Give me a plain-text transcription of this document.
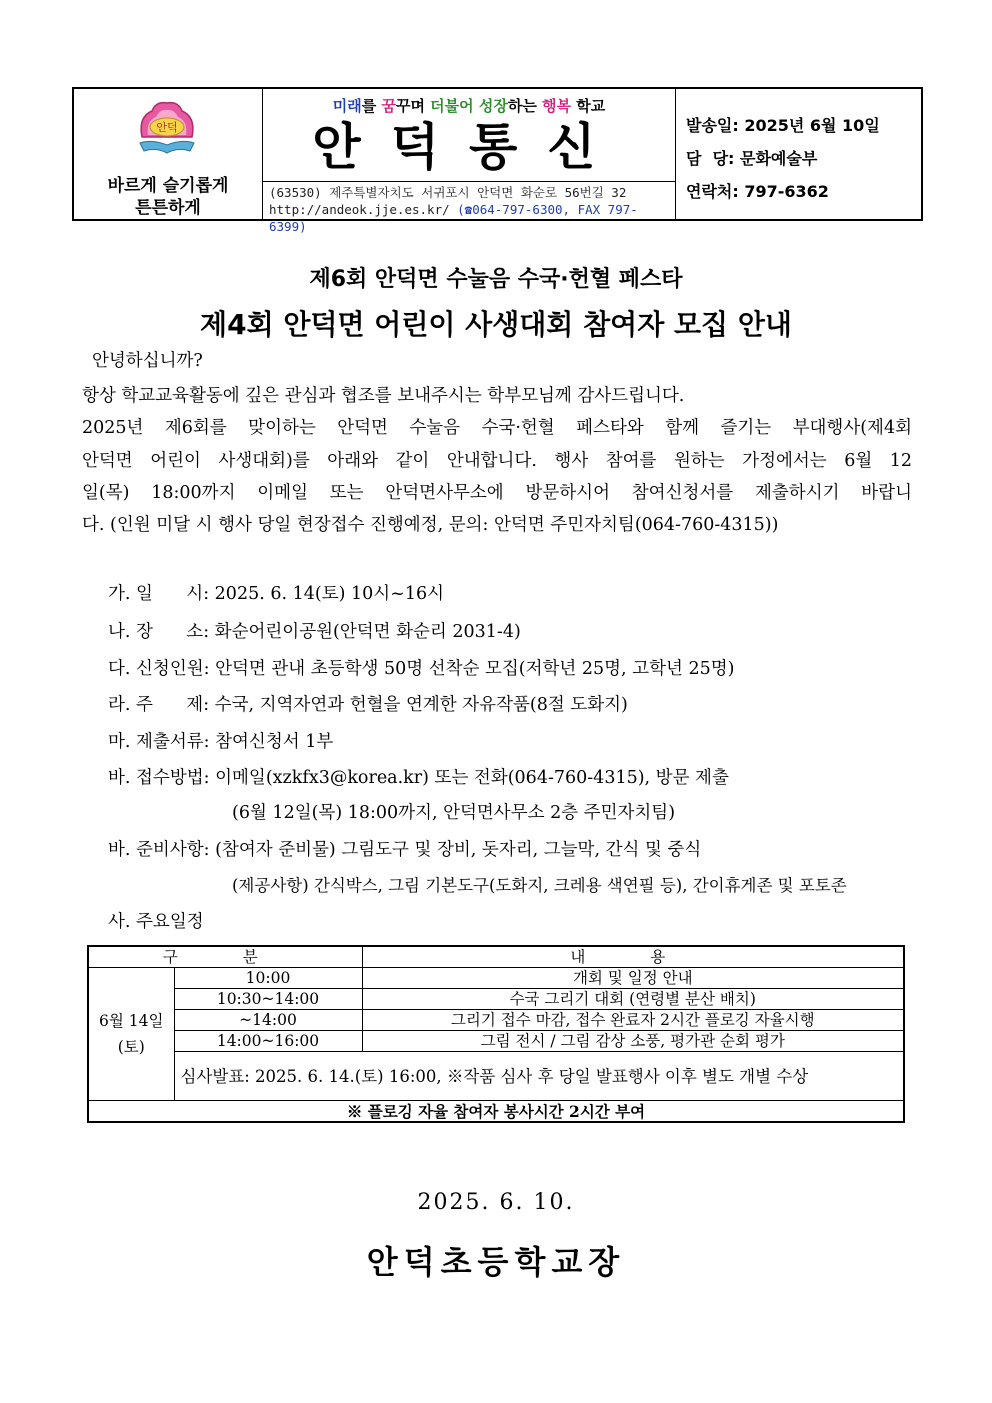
안덕
바르게 슬기롭게
튼튼하게
미래를 꿈꾸며 더불어 성장하는 행복 학교
안덕통신
(63530) 제주특별자치도 서귀포시 안덕면 화순로 56번길 32
http://andeok.jje.es.kr/ (☎064-797-6300, FAX 797-6399)
발송일: 2025년 6월 10일
담  당: 문화예술부
연락처: 797-6362
제6회 안덕면 수눌음 수국·헌혈 페스타
제4회 안덕면 어린이 사생대회 참여자 모집 안내
안녕하십니까?
항상 학교교육활동에 깊은 관심과 협조를 보내주시는 학부모님께 감사드립니다.
2025년 제6회를 맞이하는 안덕면 수눌음 수국·헌혈 페스타와 함께 즐기는 부대행사(제4회
안덕면 어린이 사생대회)를 아래와 같이 안내합니다. 행사 참여를 원하는 가정에서는 6월 12
일(목) 18:00까지 이메일 또는 안덕면사무소에 방문하시어 참여신청서를 제출하시기 바랍니
다. (인원 미달 시 행사 당일 현장접수 진행예정, 문의: 안덕면 주민자치팀(064-760-4315))
가. 일      시: 2025. 6. 14(토) 10시~16시
나. 장      소: 화순어린이공원(안덕면 화순리 2031-4)
다. 신청인원: 안덕면 관내 초등학생 50명 선착순 모집(저학년 25명, 고학년 25명)
라. 주      제: 수국, 지역자연과 헌혈을 연계한 자유작품(8절 도화지)
마. 제출서류: 참여신청서 1부
바. 접수방법: 이메일(xzkfx3@korea.kr) 또는 전화(064-760-4315), 방문 제출
(6월 12일(목) 18:00까지, 안덕면사무소 2층 주민자치팀)
바. 준비사항: (참여자 준비물) 그림도구 및 장비, 돗자리, 그늘막, 간식 및 중식
(제공사항) 간식박스, 그림 기본도구(도화지, 크레용 색연필 등), 간이휴게존 및 포토존
사. 주요일정
구 분		내 용

6월 14일
(토)	10:00	개회 및 일정 안내
	10:30~14:00	수국 그리기 대회 (연령별 분산 배치)
	~14:00	그리기 접수 마감, 접수 완료자 2시간 플로깅 자율시행
	14:00~16:00	그림 전시 / 그림 감상 소풍, 평가관 순회 평가
	심사발표: 2025. 6. 14.(토) 16:00, ※작품 심사 후 당일 발표행사 이후 별도 개별 수상	
※ 플로깅 자율 참여자 봉사시간 2시간 부여		
2025. 6. 10.
안덕초등학교장
